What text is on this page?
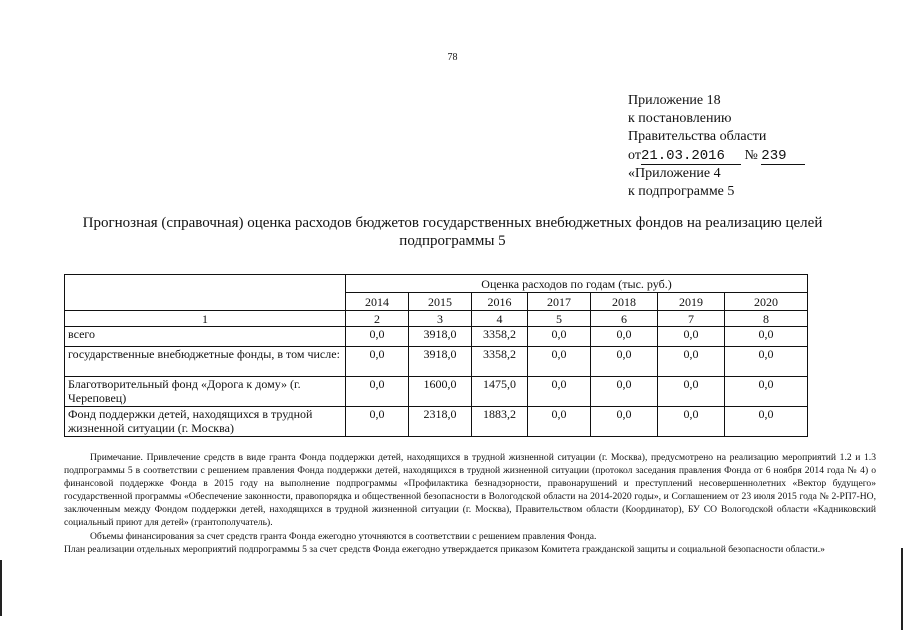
78
Приложение 18
к постановлению
Правительства области
от21.03.2016 № 239
«Приложение 4
к подпрограмме 5
Прогнозная (справочная) оценка расходов бюджетов государственных внебюджетных фондов на реализацию целей
подпрограммы 5
	Оценка расходов по годам (тыс. руб.)						
	2014	2015	2016	2017	2018	2019	2020
1	2	3	4	5	6	7	8
всего	0,0	3918,0	3358,2	0,0	0,0	0,0	0,0
государственные внебюджетные фонды, в том числе:	0,0	3918,0	3358,2	0,0	0,0	0,0	0,0
Благотворительный фонд «Дорога к дому» (г. Череповец)	0,0	1600,0	1475,0	0,0	0,0	0,0	0,0
Фонд поддержки детей, находящихся в трудной жизненной ситуации (г. Москва)	0,0	2318,0	1883,2	0,0	0,0	0,0	0,0

Примечание. Привлечение средств в виде гранта Фонда поддержки детей, находящихся в трудной жизненной ситуации (г. Москва), предусмотрено на реализацию мероприятий 1.2 и 1.3 подпрограммы 5 в соответствии с решением правления Фонда поддержки детей, находящихся в трудной жизненной ситуации (протокол заседания правления Фонда от 6 ноября 2014 года № 4) о финансовой поддержке Фонда в 2015 году на выполнение подпрограммы «Профилактика безнадзорности, правонарушений и преступлений несовершеннолетних «Вектор будущего» государственной программы «Обеспечение законности, правопорядка и общественной безопасности в Вологодской области на 2014-2020 годы», и Соглашением от 23 июля 2015 года № 2-РП7-НО, заключенным между Фондом поддержки детей, находящихся в трудной жизненной ситуации (г. Москва), Правительством области (Координатор), БУ СО Вологодской области «Кадниковский социальный приют для детей» (грантополучатель).

Объемы финансирования за счет средств гранта Фонда ежегодно уточняются в соответствии с решением правления Фонда.

План реализации отдельных мероприятий подпрограммы 5 за счет средств Фонда ежегодно утверждается приказом Комитета гражданской защиты и социальной безопасности области.»
